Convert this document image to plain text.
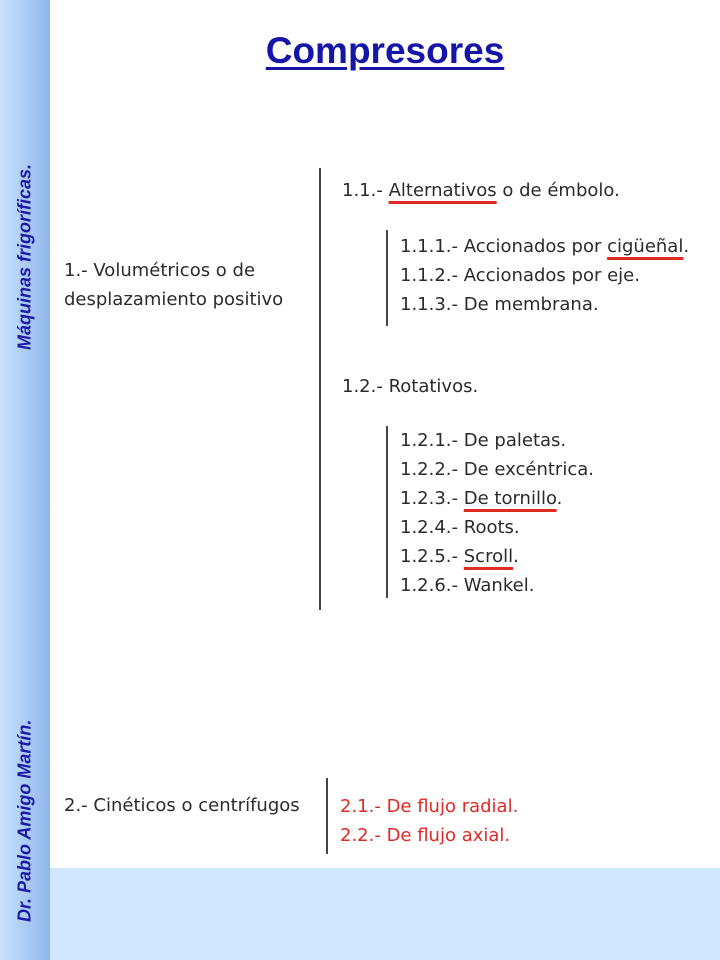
Máquinas frigoríficas.
Dr. Pablo Amigo Martín.
Compresores
1.- Volumétricos o de
desplazamiento positivo
1.1.- Alternativos o de émbolo.
1.1.1.- Accionados por cigüeñal.
1.1.2.- Accionados por eje.
1.1.3.- De membrana.
1.2.- Rotativos.
1.2.1.- De paletas.
1.2.2.- De excéntrica.
1.2.3.- De tornillo.
1.2.4.- Roots.
1.2.5.- Scroll.
1.2.6.- Wankel.
2.- Cinéticos o centrífugos 2.1.- De flujo radial.
2.2.- De flujo axial.
